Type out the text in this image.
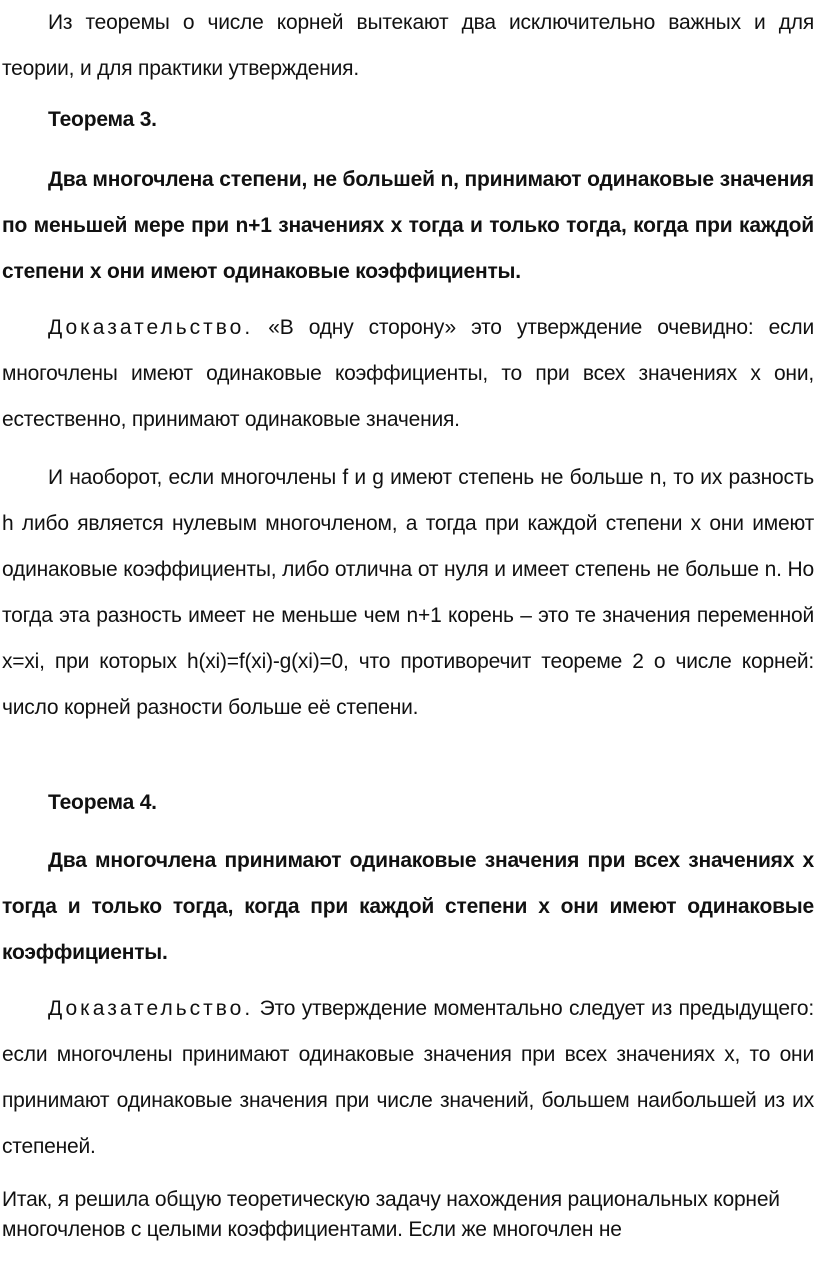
Из теоремы о числе корней вытекают два исключительно важных и для теории, и для практики утверждения.

Теорема 3.

Два многочлена степени, не большей n, принимают одинаковые значения по меньшей мере при n+1 значениях x тогда и только тогда, когда при каждой степени x они имеют одинаковые коэффициенты.

Доказательство. «В одну сторону» это утверждение очевидно: если многочлены имеют одинаковые коэффициенты, то при всех значениях x они, естественно, принимают одинаковые значения.

И наоборот, если многочлены f и g имеют степень не больше n, то их разность h либо является нулевым многочленом, а тогда при каждой степени x они имеют одинаковые коэффициенты, либо отлична от нуля и имеет степень не больше n. Но тогда эта разность имеет не меньше чем n+1 корень – это те значения переменной x=xi, при которых h(xi)=f(xi)-g(xi)=0, что противоречит теореме 2 о числе корней: число корней разности больше её степени.

Теорема 4.

Два многочлена принимают одинаковые значения при всех значениях x тогда и только тогда, когда при каждой степени x они имеют одинаковые коэффициенты.

Доказательство. Это утверждение моментально следует из предыдущего: если многочлены принимают одинаковые значения при всех значениях x, то они принимают одинаковые значения при числе значений, большем наибольшей из их степеней.

Итак, я решила общую теоретическую задачу нахождения рациональных корней многочленов с целыми коэффициентами. Если же многочлен не
